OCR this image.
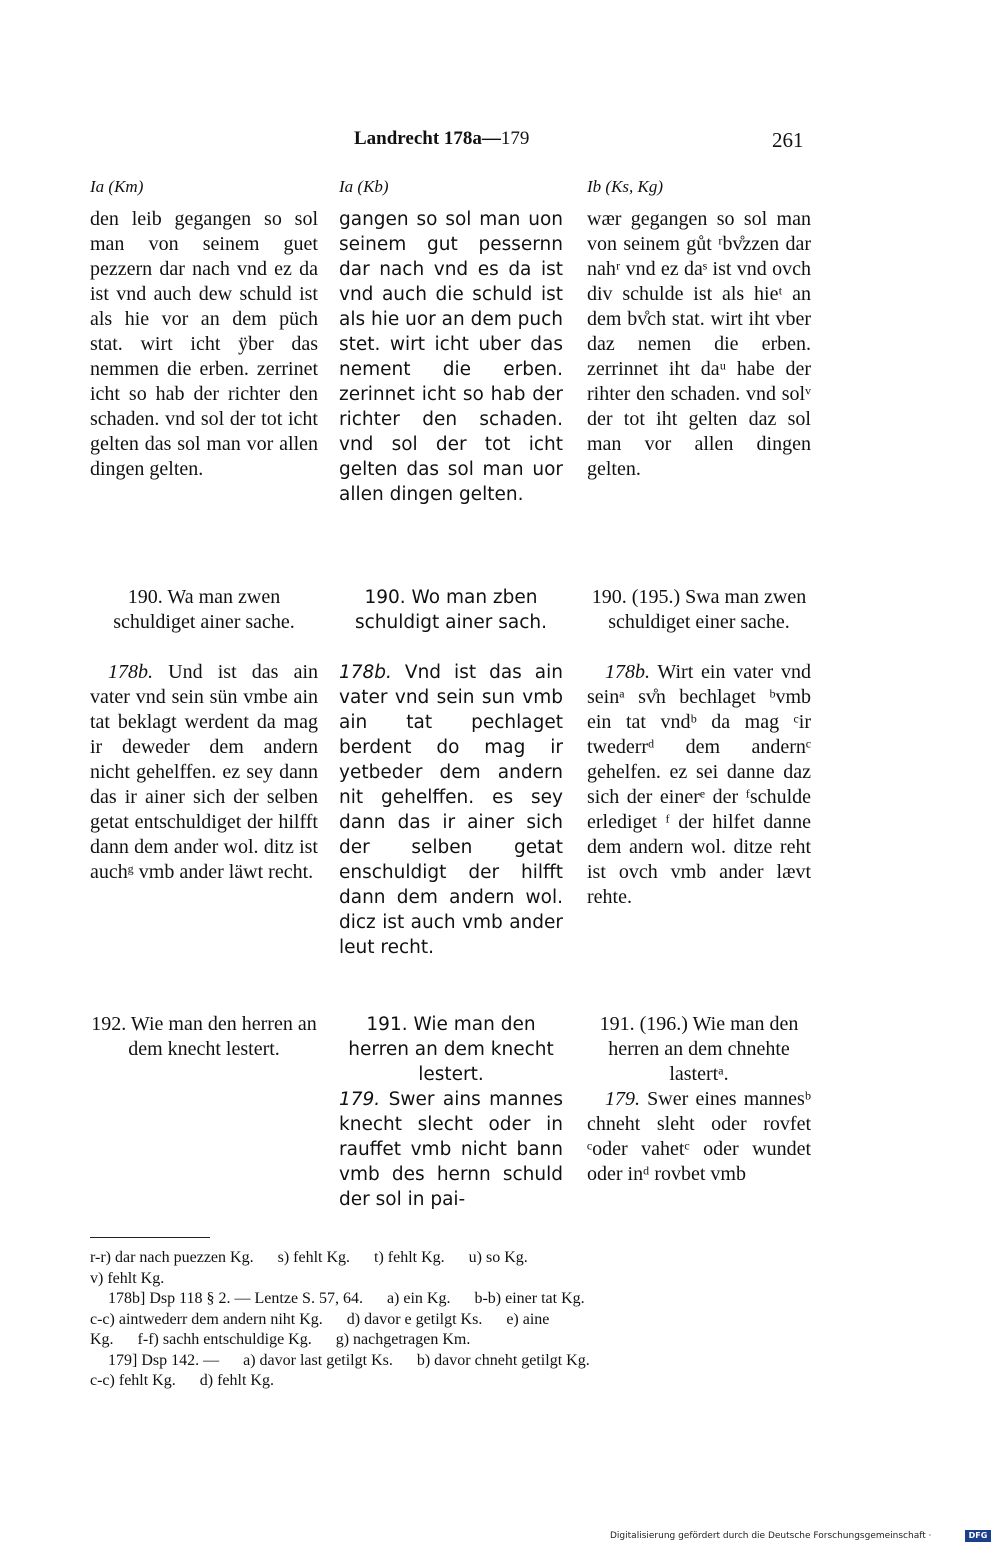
Landrecht 178a—179	261
Ia (Km)
den leib gegangen so sol man von seinem guet pezzern dar nach vnd ez da ist vnd auch dew schuld ist als hie vor an dem püch stat. wirt icht ӱber das nemmen die erben. zerrinet icht so hab der richter den schaden. vnd sol der tot icht gelten das sol man vor allen dingen gelten.
190. Wa man zwen schuldiget ainer sache.
178b. Und ist das ain vater vnd sein sün vmbe ain tat beklagt werdent da mag ir deweder dem andern nicht gehelffen. ez sey dann das ir ainer sich der selben getat entschuldiget der hilfft dann dem ander wol. ditz ist auchᵍ vmb ander läwt recht.
192. Wie man den herren an dem knecht lestert.
Ia (Kb)
gangen so sol man uon seinem gut pessernn dar nach vnd es da ist vnd auch die schuld ist als hie uor an dem puch stet. wirt icht uber das nement die erben. zerinnet icht so hab der richter den schaden. vnd sol der tot icht gelten das sol man uor allen dingen gelten.
190. Wo man zben schuldigt ainer sach.
178b. Vnd ist das ain vater vnd sein sun vmb ain tat pechlaget berdent do mag ir yetbeder dem andern nit gehelffen. es sey dann das ir ainer sich der selben getat enschuldigt der hilfft dann dem andern wol. dicz ist auch vmb ander leut recht.
191. Wie man den herren an dem knecht lestert.
179. Swer ains mannes knecht slecht oder in rauffet vmb nicht bann vmb des hernn schuld der sol in pai-
Ib (Ks, Kg)
wær gegangen so sol man von seinem gůt ʳbv̊zzen dar nahʳ vnd ez daˢ ist vnd ovch div schulde ist als hieᵗ an dem bv̊ch stat. wirt iht vber daz nemen die erben. zerrinnet iht daᵘ habe der rihter den schaden. vnd solᵛ der tot iht gelten daz sol man vor allen dingen gelten.
190. (195.) Swa man zwen schuldiget einer sache.
178b. Wirt ein vater vnd seinᵃ sv̊n bechlaget ᵇvmb ein tat vndᵇ da mag ᶜir twederrᵈ dem andernᶜ gehelfen. ez sei danne daz sich der einerᵉ der ᶠschulde erlediget ᶠ der hilfet danne dem andern wol. ditze reht ist ovch vmb ander lævt rehte.
191. (196.) Wie man den herren an dem chnehte lastertᵃ.
179. Swer eines mannesᵇ chneht sleht oder rovfet ᶜoder vahetᶜ oder wundet oder inᵈ rovbet vmb
r-r) dar nach puezzen Kg.      s) fehlt Kg.      t) fehlt Kg.      u) so Kg.
v) fehlt Kg.
178b] Dsp 118 § 2. — Lentze S. 57, 64.      a) ein Kg.      b-b) einer tat Kg.
c-c) aintwederr dem andern niht Kg.      d) davor e getilgt Ks.      e) aine
Kg.      f-f) sachh entschuldige Kg.      g) nachgetragen Km.
179] Dsp 142. —      a) davor last getilgt Ks.      b) davor chneht getilgt Kg.
c-c) fehlt Kg.      d) fehlt Kg.
Digitalisierung gefördert durch die Deutsche Forschungsgemeinschaft ·	DFG
